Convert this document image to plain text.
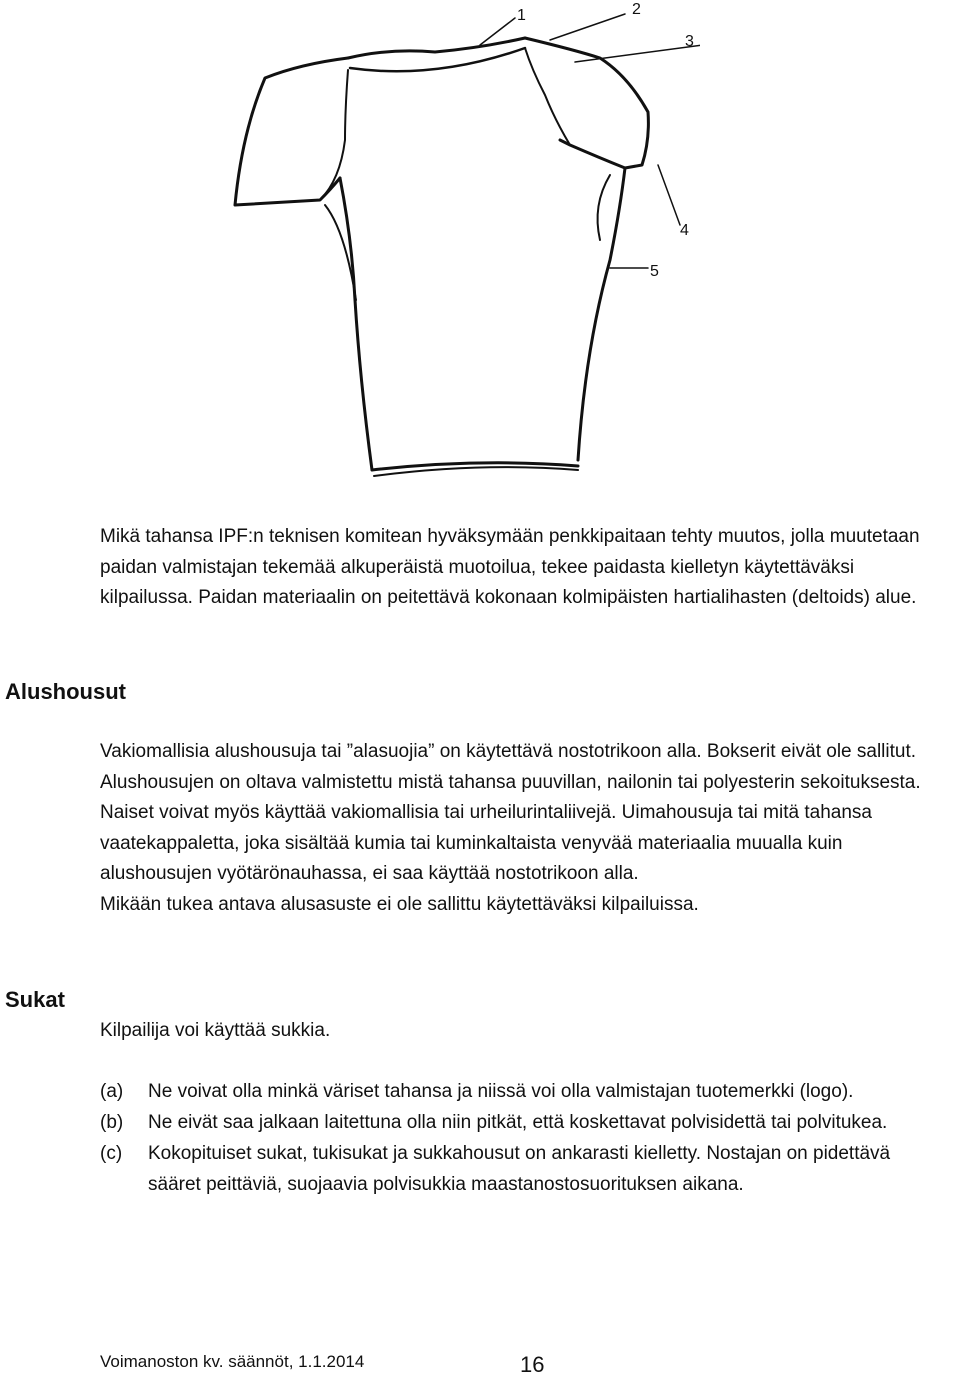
1	2
3
4
5

Mikä tahansa IPF:n teknisen komitean hyväksymään penkkipaitaan tehty muutos, jolla muutetaan paidan valmistajan tekemää alkuperäistä muotoilua, tekee paidasta kielletyn käytettäväksi kilpailussa. Paidan materiaalin on peitettävä kokonaan kolmipäisten hartialihasten (deltoids) alue.

Alushousut

Vakiomallisia alushousuja tai ”alasuojia” on käytettävä nostotrikoon alla. Bokserit eivät ole sallitut. Alushousujen on oltava valmistettu mistä tahansa puuvillan, nailonin tai polyesterin sekoituksesta. Naiset voivat myös käyttää vakiomallisia tai urheilurintaliivejä. Uimahousuja tai mitä tahansa vaatekappaletta, joka sisältää kumia tai kuminkaltaista venyvää materiaalia muualla kuin alushousujen vyötärönauhassa, ei saa käyttää nostotrikoon alla.

Mikään tukea antava alusasuste ei ole sallittu käytettäväksi kilpailuissa.

Sukat
Kilpailija voi käyttää sukkia.
(a)	Ne voivat olla minkä väriset tahansa ja niissä voi olla valmistajan tuotemerkki (logo).
(b)	Ne eivät saa jalkaan laitettuna olla niin pitkät, että koskettavat polvisidettä tai polvitukea.
(c)	Kokopituiset sukat, tukisukat ja sukkahousut on ankarasti kielletty. Nostajan on pidettävä sääret peittäviä, suojaavia polvisukkia maastanostosuorituksen aikana.
Voimanoston kv. säännöt, 1.1.2014	16
